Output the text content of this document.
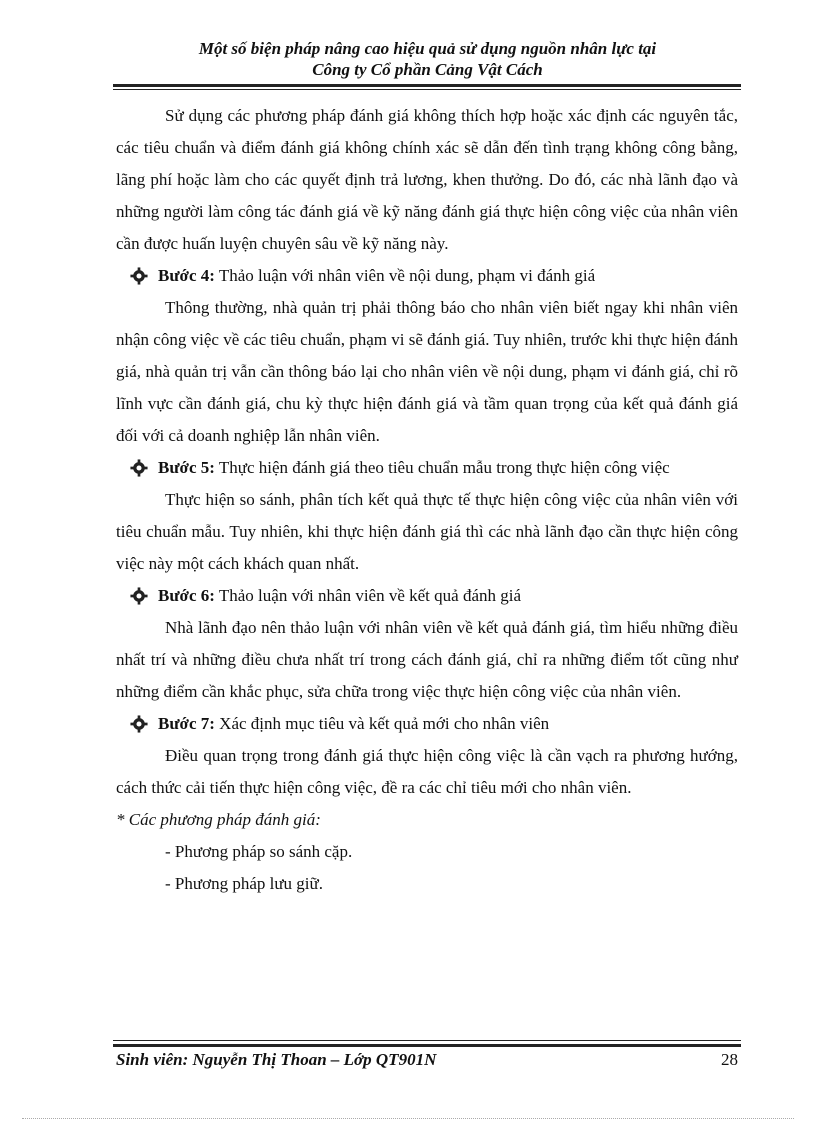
Một số biện pháp nâng cao hiệu quả sử dụng nguồn nhân lực tại
Công ty Cổ phần Cảng Vật Cách

Sử dụng các phương pháp đánh giá không thích hợp hoặc xác định các nguyên tắc, các tiêu chuẩn và điểm đánh giá không chính xác sẽ dẫn đến tình trạng không công bằng, lãng phí hoặc làm cho các quyết định trả lương, khen thưởng. Do đó, các nhà lãnh đạo và những người làm công tác đánh giá về kỹ năng đánh giá thực hiện công việc của nhân viên cần được huấn luyện chuyên sâu về kỹ năng này.

Bước 4: Thảo luận với nhân viên về nội dung, phạm vi đánh giá

Thông thường, nhà quản trị phải thông báo cho nhân viên biết ngay khi nhân viên nhận công việc về các tiêu chuẩn, phạm vi sẽ đánh giá. Tuy nhiên, trước khi thực hiện đánh giá, nhà quản trị vẫn cần thông báo lại cho nhân viên về nội dung, phạm vi đánh giá, chỉ rõ lĩnh vực cần đánh giá, chu kỳ thực hiện đánh giá và tầm quan trọng của kết quả đánh giá đối với cả doanh nghiệp lẫn nhân viên.

Bước 5: Thực hiện đánh giá theo tiêu chuẩn mẫu trong thực hiện công việc

Thực hiện so sánh, phân tích kết quả thực tế thực hiện công việc của nhân viên với tiêu chuẩn mẫu. Tuy nhiên, khi thực hiện đánh giá thì các nhà lãnh đạo cần thực hiện công việc này một cách khách quan nhất.

Bước 6: Thảo luận với nhân viên về kết quả đánh giá

Nhà lãnh đạo nên thảo luận với nhân viên về kết quả đánh giá, tìm hiểu những điều nhất trí và những điều chưa nhất trí trong cách đánh giá, chỉ ra những điểm tốt cũng như những điểm cần khắc phục, sửa chữa trong việc thực hiện công việc của nhân viên.

Bước 7: Xác định mục tiêu và kết quả mới cho nhân viên

Điều quan trọng trong đánh giá thực hiện công việc là cần vạch ra phương hướng, cách thức cải tiến thực hiện công việc, đề ra các chỉ tiêu mới cho nhân viên.

* Các phương pháp đánh giá:

- Phương pháp so sánh cặp.

- Phương pháp lưu giữ.

Sinh viên: Nguyễn Thị Thoan – Lớp QT901N	28
